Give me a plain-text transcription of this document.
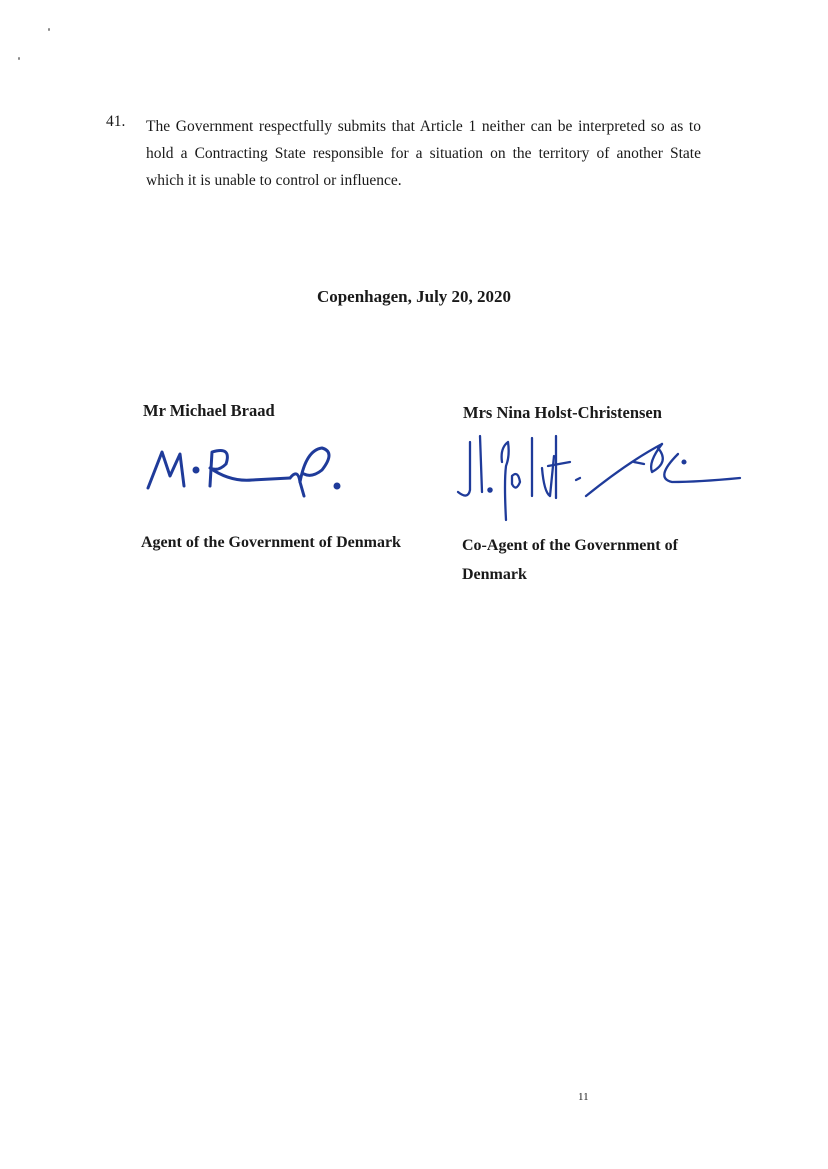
41. The Government respectfully submits that Article 1 neither can be interpreted so as to hold a Contracting State responsible for a situation on the territory of another State which it is unable to control or influence.
Copenhagen, July 20, 2020
Mr Michael Braad
Agent of the Government of Denmark
Mrs Nina Holst-Christensen
Co-Agent of the Government of Denmark
11
